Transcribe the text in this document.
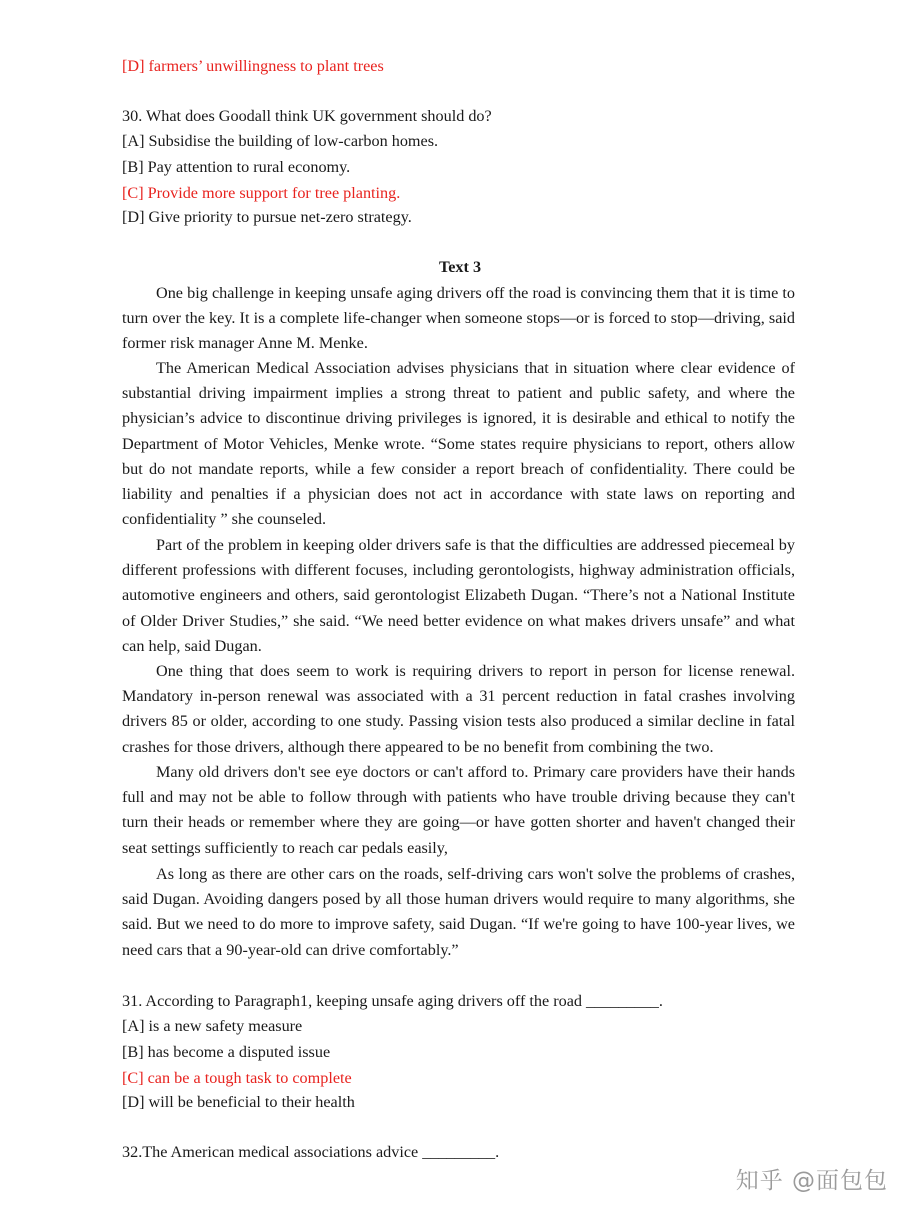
[D] farmers’ unwillingness to plant trees
30. What does Goodall think UK government should do?
[A] Subsidise the building of low-carbon homes.
[B] Pay attention to rural economy.
[C] Provide more support for tree planting.
[D] Give priority to pursue net-zero strategy.
Text 3
One big challenge in keeping unsafe aging drivers off the road is convincing them that it is time to turn over the key. It is a complete life-changer when someone stops—or is forced to stop—driving, said former risk manager Anne M. Menke.
The American Medical Association advises physicians that in situation where clear evidence of substantial driving impairment implies a strong threat to patient and public safety, and where the physician’s advice to discontinue driving privileges is ignored, it is desirable and ethical to notify the Department of Motor Vehicles, Menke wrote. “Some states require physicians to report, others allow but do not mandate reports, while a few consider a report breach of confidentiality. There could be liability and penalties if a physician does not act in accordance with state laws on reporting and confidentiality ” she counseled.
Part of the problem in keeping older drivers safe is that the difficulties are addressed piecemeal by different professions with different focuses, including gerontologists, highway administration officials, automotive engineers and others, said gerontologist Elizabeth Dugan. “There’s not a National Institute of Older Driver Studies,” she said. “We need better evidence on what makes drivers unsafe” and what can help, said Dugan.
One thing that does seem to work is requiring drivers to report in person for license renewal. Mandatory in-person renewal was associated with a 31 percent reduction in fatal crashes involving drivers 85 or older, according to one study. Passing vision tests also produced a similar decline in fatal crashes for those drivers, although there appeared to be no benefit from combining the two.
Many old drivers don't see eye doctors or can't afford to. Primary care providers have their hands full and may not be able to follow through with patients who have trouble driving because they can't turn their heads or remember where they are going—or have gotten shorter and haven't changed their seat settings sufficiently to reach car pedals easily,
As long as there are other cars on the roads, self-driving cars won't solve the problems of crashes, said Dugan. Avoiding dangers posed by all those human drivers would require to many algorithms, she said. But we need to do more to improve safety, said Dugan. “If we're going to have 100-year lives, we need cars that a 90-year-old can drive comfortably.”
31. According to Paragraph1, keeping unsafe aging drivers off the road _________.
[A] is a new safety measure
[B] has become a disputed issue
[C] can be a tough task to complete
[D] will be beneficial to their health
32.The American medical associations advice _________.
知乎 @面包包
